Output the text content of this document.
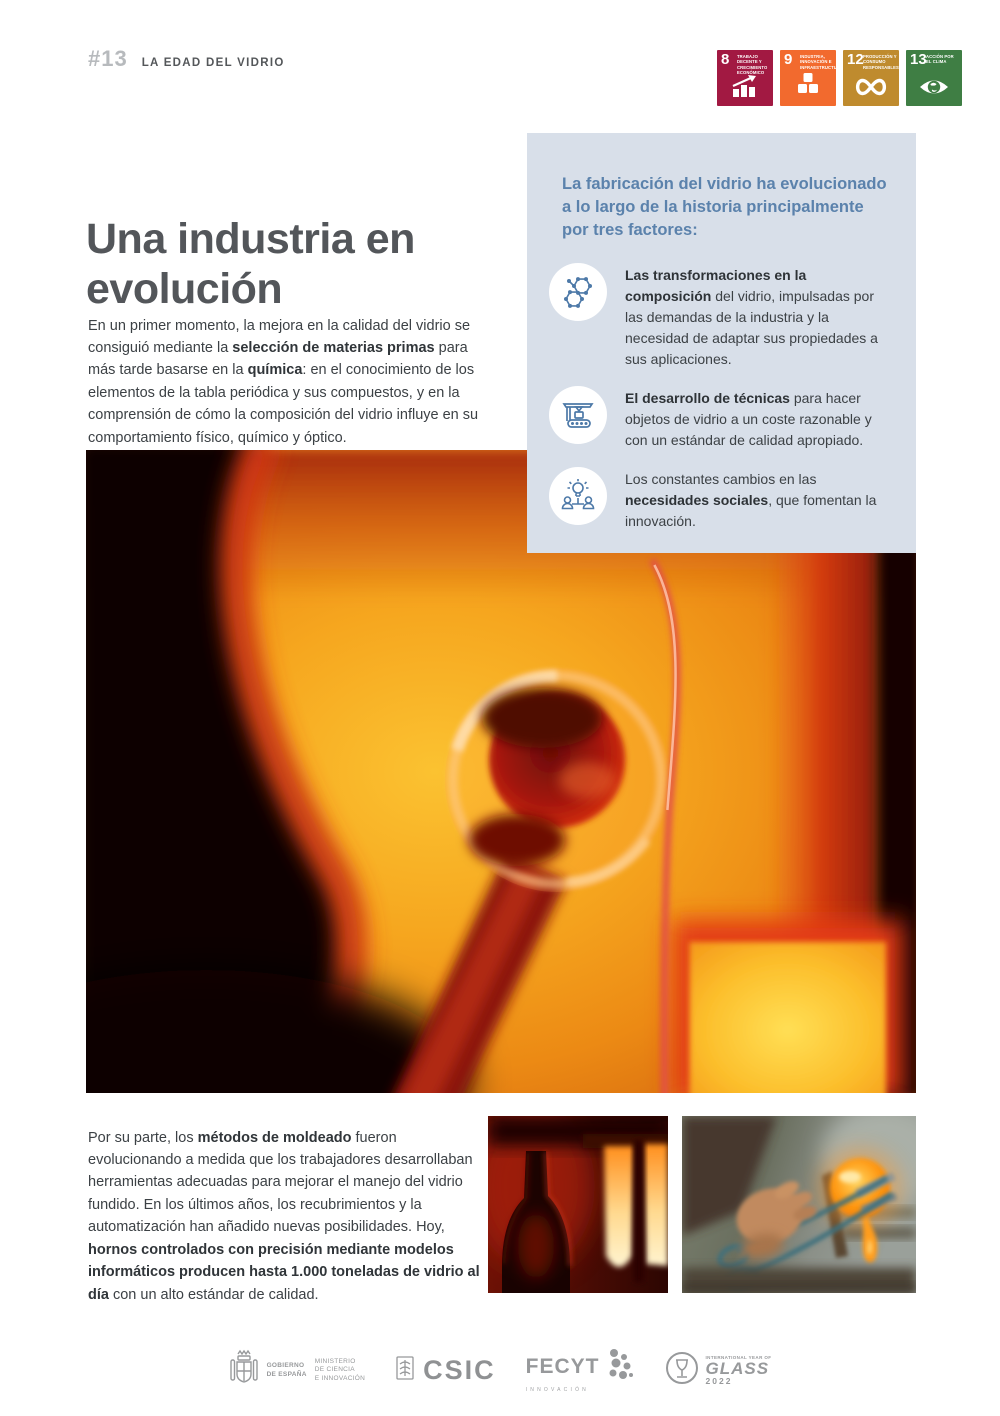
#13 LA EDAD DEL VIDRIO	8 TRABAJO DECENTE Y CRECIMIENTO ECONÓMICO
9 INDUSTRIA, INNOVACIÓN E INFRAESTRUCTURA 12 PRODUCCIÓN Y CONSUMO RESPONSABLES 13 ACCIÓN POR EL CLIMA
Una industria en evolución

En un primer momento, la mejora en la calidad del vidrio se consiguió mediante la selección de materias primas para más tarde basarse en la química: en el conocimiento de los elementos de la tabla periódica y sus compuestos, y en la comprensión de cómo la composición del vidrio influye en su comportamiento físico, químico y óptico.

La fabricación del vidrio ha evolucionado a lo largo de la historia principalmente por tres factores:

Las transformaciones en la composición del vidrio, impulsadas por las demandas de la industria y la necesidad de adaptar sus propiedades a sus aplicaciones.
El desarrollo de técnicas para hacer objetos de vidrio a un coste razonable y con un estándar de calidad apropiado.
Los constantes cambios en las necesidades sociales, que fomentan la innovación.

Por su parte, los métodos de moldeado fueron evolucionando a medida que los trabajadores desarrollaban herramientas adecuadas para mejorar el manejo del vidrio fundido. En los últimos años, los recubrimientos y la automatización han añadido nuevas posibilidades. Hoy, hornos controlados con precisión mediante modelos informáticos producen hasta 1.000 toneladas de vidrio al día con un alto estándar de calidad.

GOBIERNO
DE ESPAÑA
MINISTERIO
DE CIENCIA
E INNOVACIÓN CSIC FECYT
INNOVACIÓN
INTERNATIONAL YEAR OF
GLASS
2022
